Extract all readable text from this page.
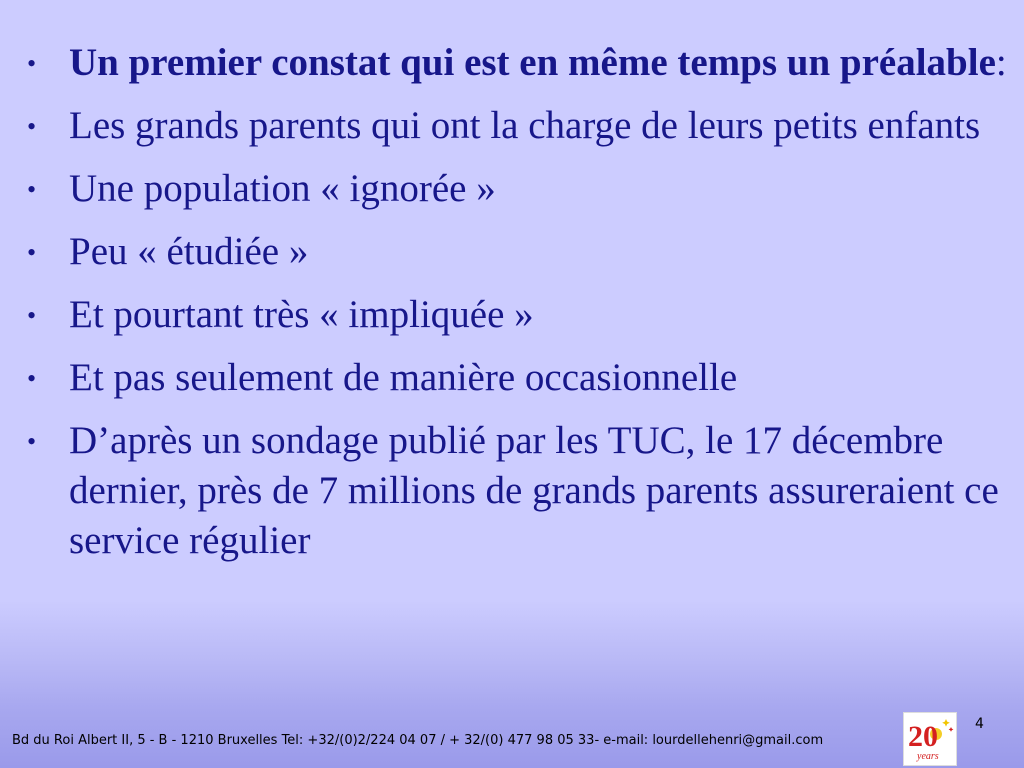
• Un premier constat qui est en même temps un préalable:
• Les grands parents qui ont la charge de leurs petits enfants
• Une population « ignorée »
• Peu « étudiée »
• Et pourtant très « impliquée »
• Et pas seulement de manière occasionnelle
• D’après un sondage publié par les TUC, le 17 décembre dernier, près de 7 millions de grands parents assureraient ce service régulier
Bd du Roi Albert II, 5 - B - 1210 Bruxelles Tel: +32/(0)2/224 04 07 / + 32/(0) 477 98 05 33- e-mail: lourdellehenri@gmail.com
4
20
years
